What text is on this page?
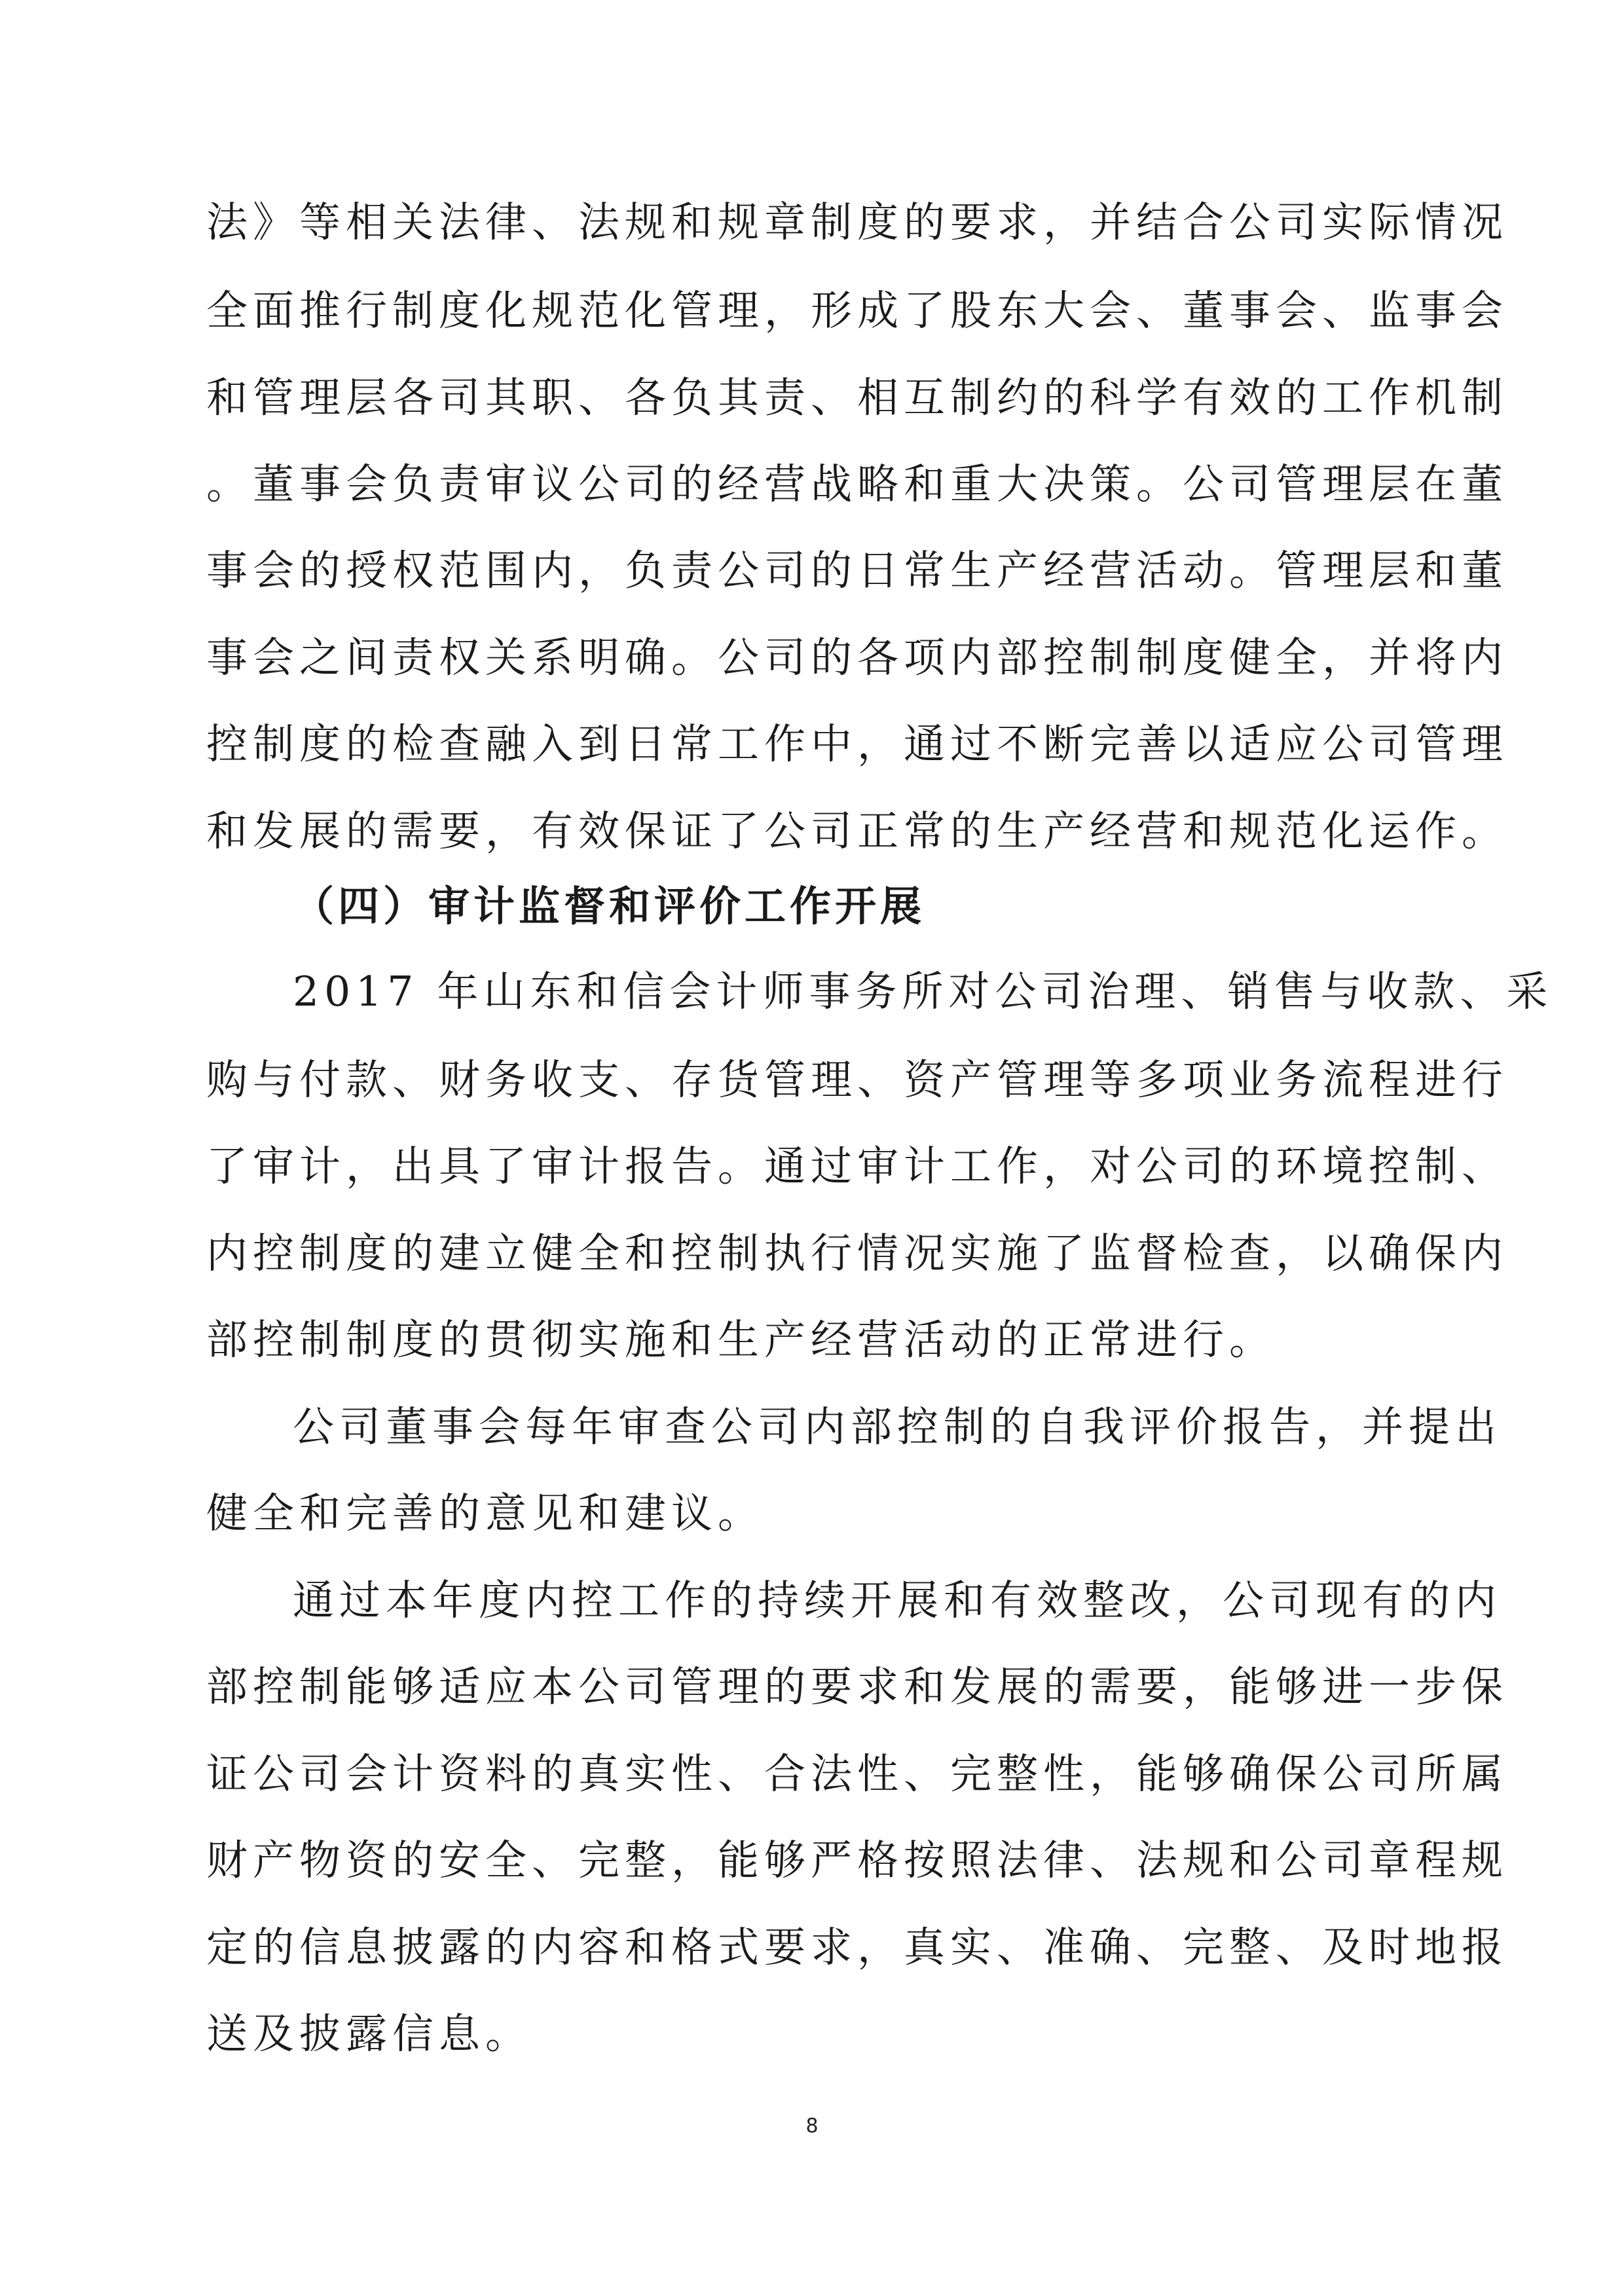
法》等相关法律、法规和规章制度的要求，并结合公司实际情况
全面推行制度化规范化管理，形成了股东大会、董事会、监事会
和管理层各司其职、各负其责、相互制约的科学有效的工作机制
。董事会负责审议公司的经营战略和重大决策。公司管理层在董
事会的授权范围内，负责公司的日常生产经营活动。管理层和董
事会之间责权关系明确。公司的各项内部控制制度健全，并将内
控制度的检查融入到日常工作中，通过不断完善以适应公司管理
和发展的需要，有效保证了公司正常的生产经营和规范化运作。
（四）审计监督和评价工作开展
2017 年山东和信会计师事务所对公司治理、销售与收款、采
购与付款、财务收支、存货管理、资产管理等多项业务流程进行
了审计，出具了审计报告。通过审计工作，对公司的环境控制、
内控制度的建立健全和控制执行情况实施了监督检查，以确保内
部控制制度的贯彻实施和生产经营活动的正常进行。
公司董事会每年审查公司内部控制的自我评价报告，并提出
健全和完善的意见和建议。
通过本年度内控工作的持续开展和有效整改，公司现有的内
部控制能够适应本公司管理的要求和发展的需要，能够进一步保
证公司会计资料的真实性、合法性、完整性，能够确保公司所属
财产物资的安全、完整，能够严格按照法律、法规和公司章程规
定的信息披露的内容和格式要求，真实、准确、完整、及时地报
送及披露信息。
8
